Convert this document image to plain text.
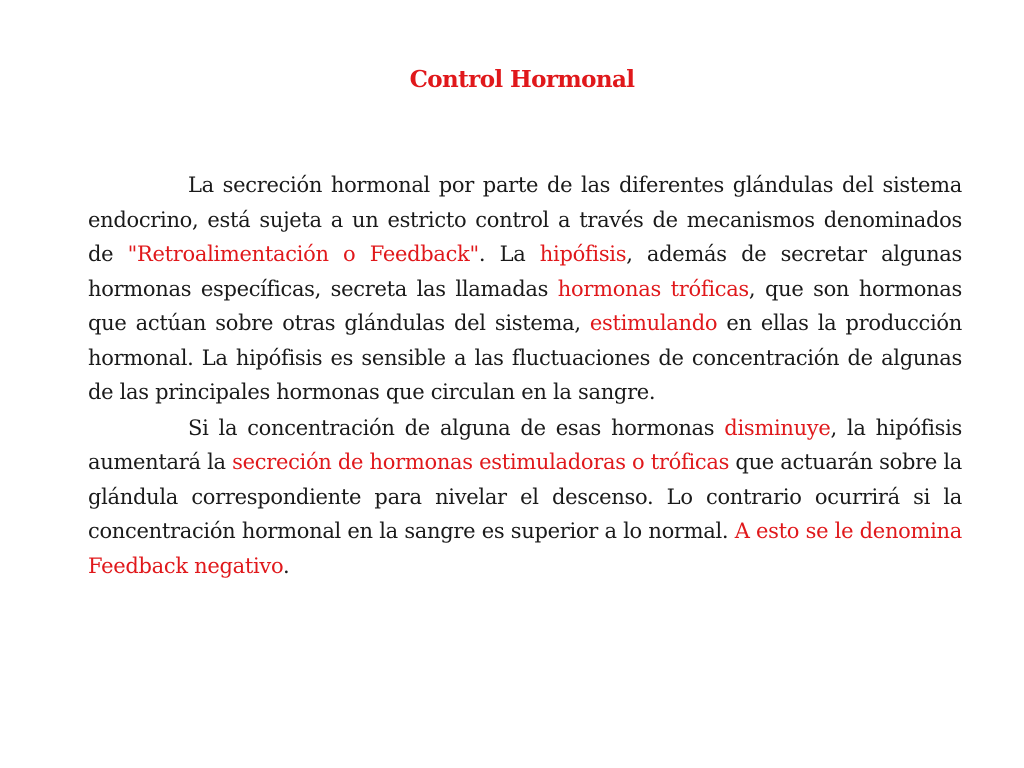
Control Hormonal

La secreción hormonal por parte de las diferentes glándulas del sistema endocrino, está sujeta a un estricto control a través de mecanismos denominados de "Retroalimentación o Feedback". La hipófisis, además de secretar algunas hormonas específicas, secreta las llamadas hormonas tróficas, que son hormonas que actúan sobre otras glándulas del sistema, estimulando en ellas la producción hormonal. La hipófisis es sensible a las fluctuaciones de concentración de algunas de las principales hormonas que circulan en la sangre.

Si la concentración de alguna de esas hormonas disminuye, la hipófisis aumentará la secreción de hormonas estimuladoras o tróficas que actuarán sobre la glándula correspondiente para nivelar el descenso. Lo contrario ocurrirá si la concentración hormonal en la sangre es superior a lo normal. A esto se le denomina Feedback negativo.
